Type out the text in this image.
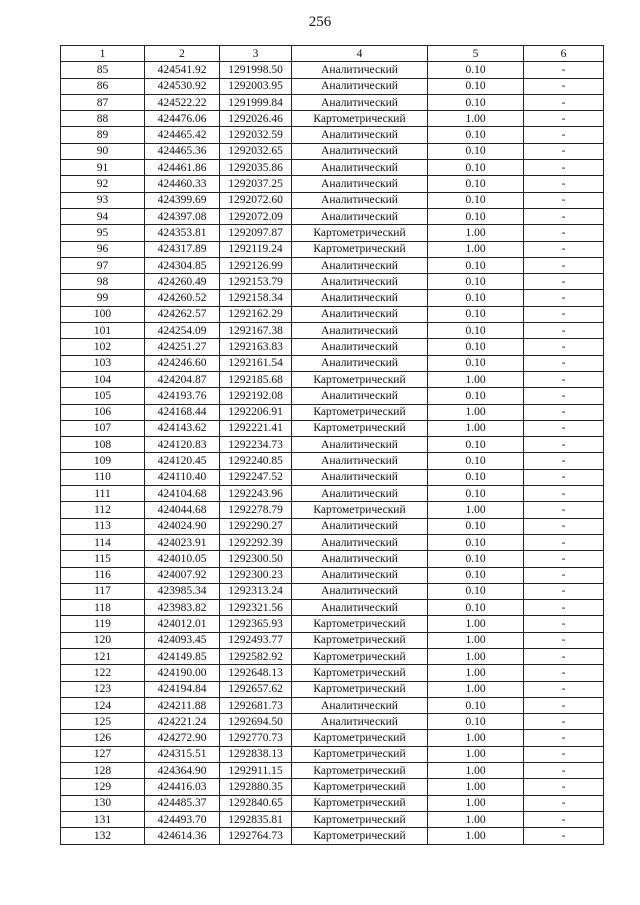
256
1	2	3	4	5	6
85	424541.92	1291998.50	Аналитический	0.10	-
86	424530.92	1292003.95	Аналитический	0.10	-
87	424522.22	1291999.84	Аналитический	0.10	-
88	424476.06	1292026.46	Картометрический	1.00	-
89	424465.42	1292032.59	Аналитический	0.10	-
90	424465.36	1292032.65	Аналитический	0.10	-
91	424461.86	1292035.86	Аналитический	0.10	-
92	424460.33	1292037.25	Аналитический	0.10	-
93	424399.69	1292072.60	Аналитический	0.10	-
94	424397.08	1292072.09	Аналитический	0.10	-
95	424353.81	1292097.87	Картометрический	1.00	-
96	424317.89	1292119.24	Картометрический	1.00	-
97	424304.85	1292126.99	Аналитический	0.10	-
98	424260.49	1292153.79	Аналитический	0.10	-
99	424260.52	1292158.34	Аналитический	0.10	-
100	424262.57	1292162.29	Аналитический	0.10	-
101	424254.09	1292167.38	Аналитический	0.10	-
102	424251.27	1292163.83	Аналитический	0.10	-
103	424246.60	1292161.54	Аналитический	0.10	-
104	424204.87	1292185.68	Картометрический	1.00	-
105	424193.76	1292192.08	Аналитический	0.10	-
106	424168.44	1292206.91	Картометрический	1.00	-
107	424143.62	1292221.41	Картометрический	1.00	-
108	424120.83	1292234.73	Аналитический	0.10	-
109	424120.45	1292240.85	Аналитический	0.10	-
110	424110.40	1292247.52	Аналитический	0.10	-
111	424104.68	1292243.96	Аналитический	0.10	-
112	424044.68	1292278.79	Картометрический	1.00	-
113	424024.90	1292290.27	Аналитический	0.10	-
114	424023.91	1292292.39	Аналитический	0.10	-
115	424010.05	1292300.50	Аналитический	0.10	-
116	424007.92	1292300.23	Аналитический	0.10	-
117	423985.34	1292313.24	Аналитический	0.10	-
118	423983.82	1292321.56	Аналитический	0.10	-
119	424012.01	1292365.93	Картометрический	1.00	-
120	424093.45	1292493.77	Картометрический	1.00	-
121	424149.85	1292582.92	Картометрический	1.00	-
122	424190.00	1292648.13	Картометрический	1.00	-
123	424194.84	1292657.62	Картометрический	1.00	-
124	424211.88	1292681.73	Аналитический	0.10	-
125	424221.24	1292694.50	Аналитический	0.10	-
126	424272.90	1292770.73	Картометрический	1.00	-
127	424315.51	1292838.13	Картометрический	1.00	-
128	424364.90	1292911.15	Картометрический	1.00	-
129	424416.03	1292880.35	Картометрический	1.00	-
130	424485.37	1292840.65	Картометрический	1.00	-
131	424493.70	1292835.81	Картометрический	1.00	-
132	424614.36	1292764.73	Картометрический	1.00	-
